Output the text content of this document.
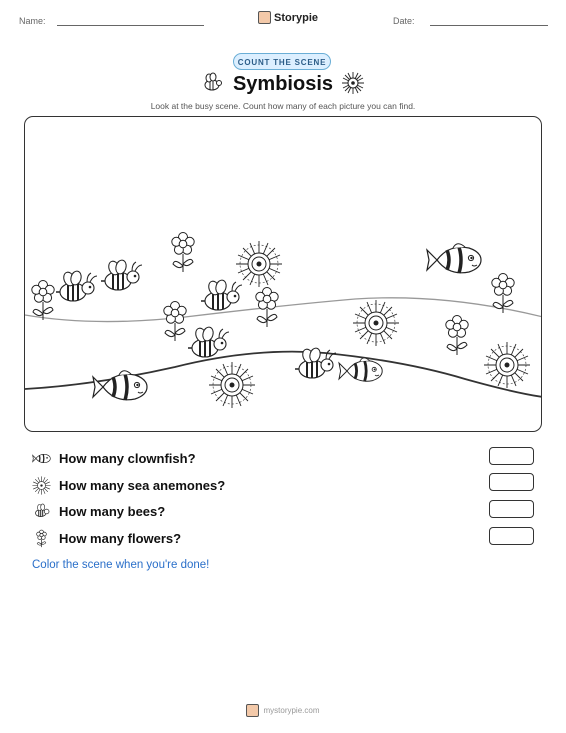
Name:	Storypie	Date:
COUNT THE SCENE
Symbiosis
Look at the busy scene. Count how many of each picture you can find.
How many clownfish?
How many sea anemones?
How many bees?
How many flowers?
Color the scene when you're done!
mystorypie.com
